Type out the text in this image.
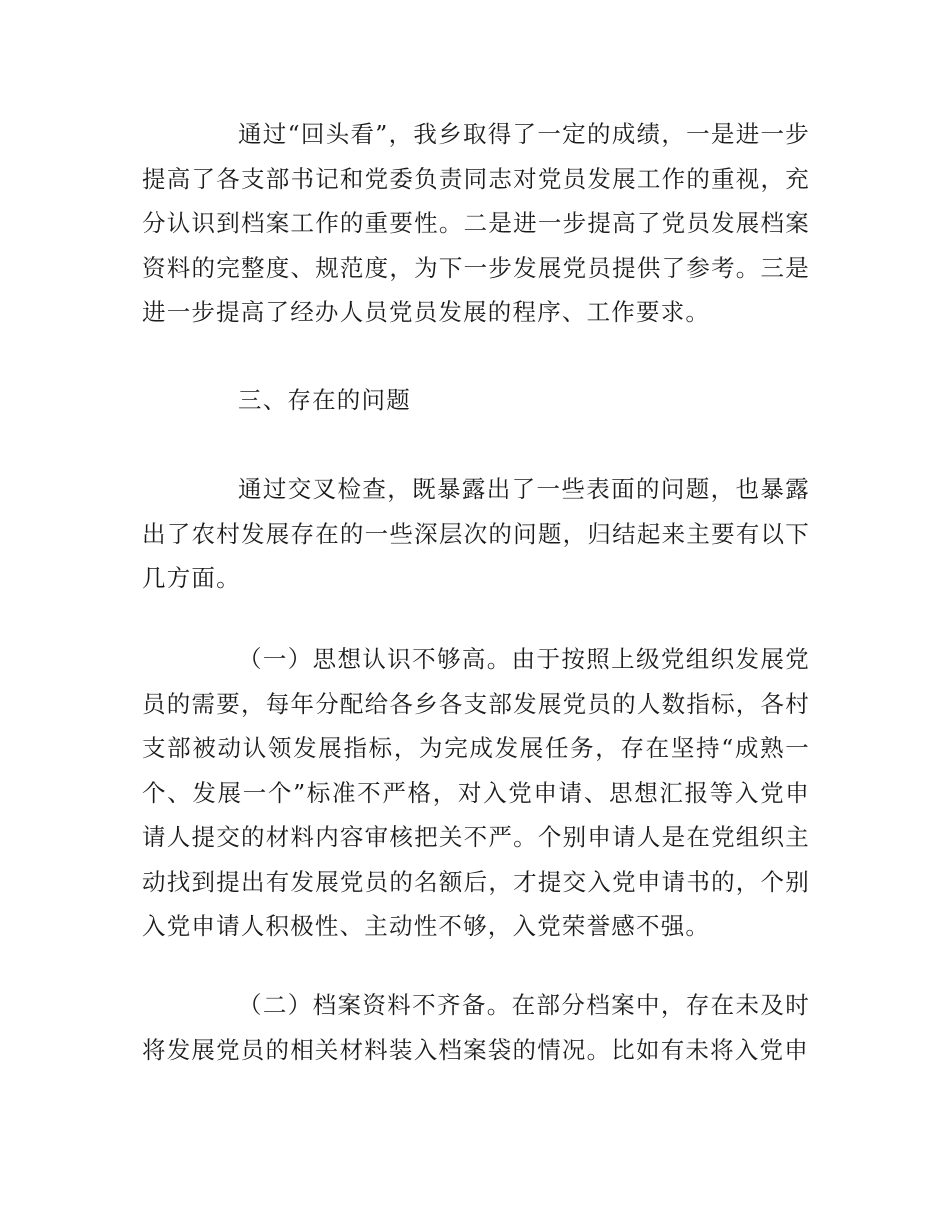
通过“回头看”，我乡取得了一定的成绩，一是进一步提高了各支部书记和党委负责同志对党员发展工作的重视，充分认识到档案工作的重要性。二是进一步提高了党员发展档案资料的完整度、规范度，为下一步发展党员提供了参考。三是进一步提高了经办人员党员发展的程序、工作要求。

三、存在的问题

通过交叉检查，既暴露出了一些表面的问题，也暴露出了农村发展存在的一些深层次的问题，归结起来主要有以下几方面。

（一）思想认识不够高。由于按照上级党组织发展党员的需要，每年分配给各乡各支部发展党员的人数指标，各村支部被动认领发展指标，为完成发展任务，存在坚持“成熟一个、发展一个”标准不严格，对入党申请、思想汇报等入党申请人提交的材料内容审核把关不严。个别申请人是在党组织主动找到提出有发展党员的名额后，才提交入党申请书的，个别入党申请人积极性、主动性不够，入党荣誉感不强。

（二）档案资料不齐备。在部分档案中，存在未及时将发展党员的相关材料装入档案袋的情况。比如有未将入党申
